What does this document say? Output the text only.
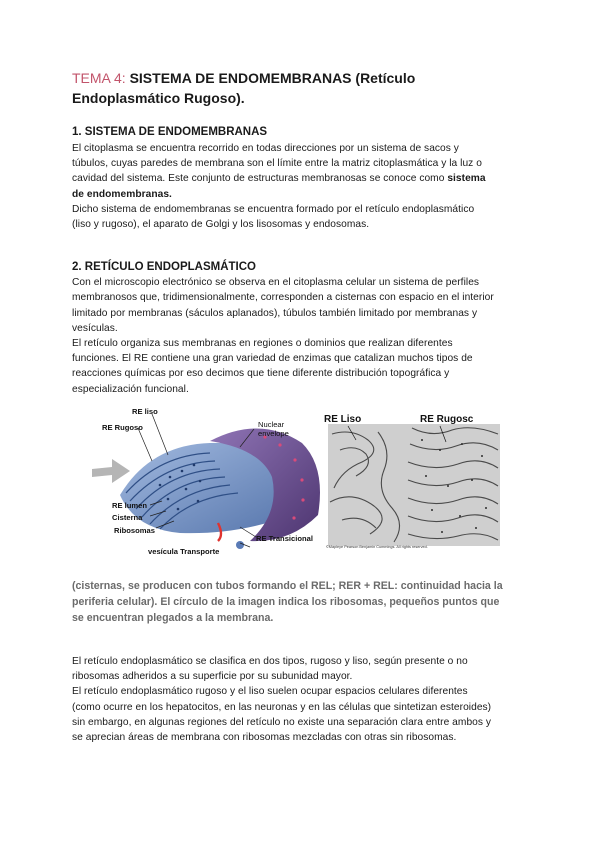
TEMA 4: SISTEMA DE ENDOMEMBRANAS (Retículo
Endoplasmático Rugoso).

1. SISTEMA DE ENDOMEMBRANAS

El citoplasma se encuentra recorrido en todas direcciones por un sistema de sacos y
túbulos, cuyas paredes de membrana son el límite entre la matriz citoplasmática y la luz o
cavidad del sistema. Este conjunto de estructuras membranosas se conoce como sistema
de endomembranas.
Dicho sistema de endomembranas se encuentra formado por el retículo endoplasmático
(liso y rugoso), el aparato de Golgi y los lisosomas y endosomas.

2. RETÍCULO ENDOPLASMÁTICO

Con el microscopio electrónico se observa en el citoplasma celular un sistema de perfiles
membranosos que, tridimensionalmente, corresponden a cisternas con espacio en el interior
limitado por membranas (sáculos aplanados), túbulos también limitado por membranas y
vesículas.
El retículo organiza sus membranas en regiones o dominios que realizan diferentes
funciones. El RE contiene una gran variedad de enzimas que catalizan muchos tipos de
reacciones químicas por eso decimos que tiene diferente distribución topográfica y
especialización funcional.

RE liso
RE Rugoso	Nuclear
envelope
RE lumen
Cisterna
Ribosomas
vesícula Transporte
RE Transicional
RE Liso	RE Rugosc
©Mapleye Pearson Benjamin Cummings. All rights reserved.

(cisternas, se producen con tubos formando el REL; RER + REL: continuidad hacia la
periferia celular). El círculo de la imagen indica los ribosomas, pequeños puntos que
se encuentran plegados a la membrana.

El retículo endoplasmático se clasifica en dos tipos, rugoso y liso, según presente o no
ribosomas adheridos a su superficie por su subunidad mayor.
El retículo endoplasmático rugoso y el liso suelen ocupar espacios celulares diferentes
(como ocurre en los hepatocitos, en las neuronas y en las células que sintetizan esteroides)
sin embargo, en algunas regiones del retículo no existe una separación clara entre ambos y
se aprecian áreas de membrana con ribosomas mezcladas con otras sin ribosomas.
